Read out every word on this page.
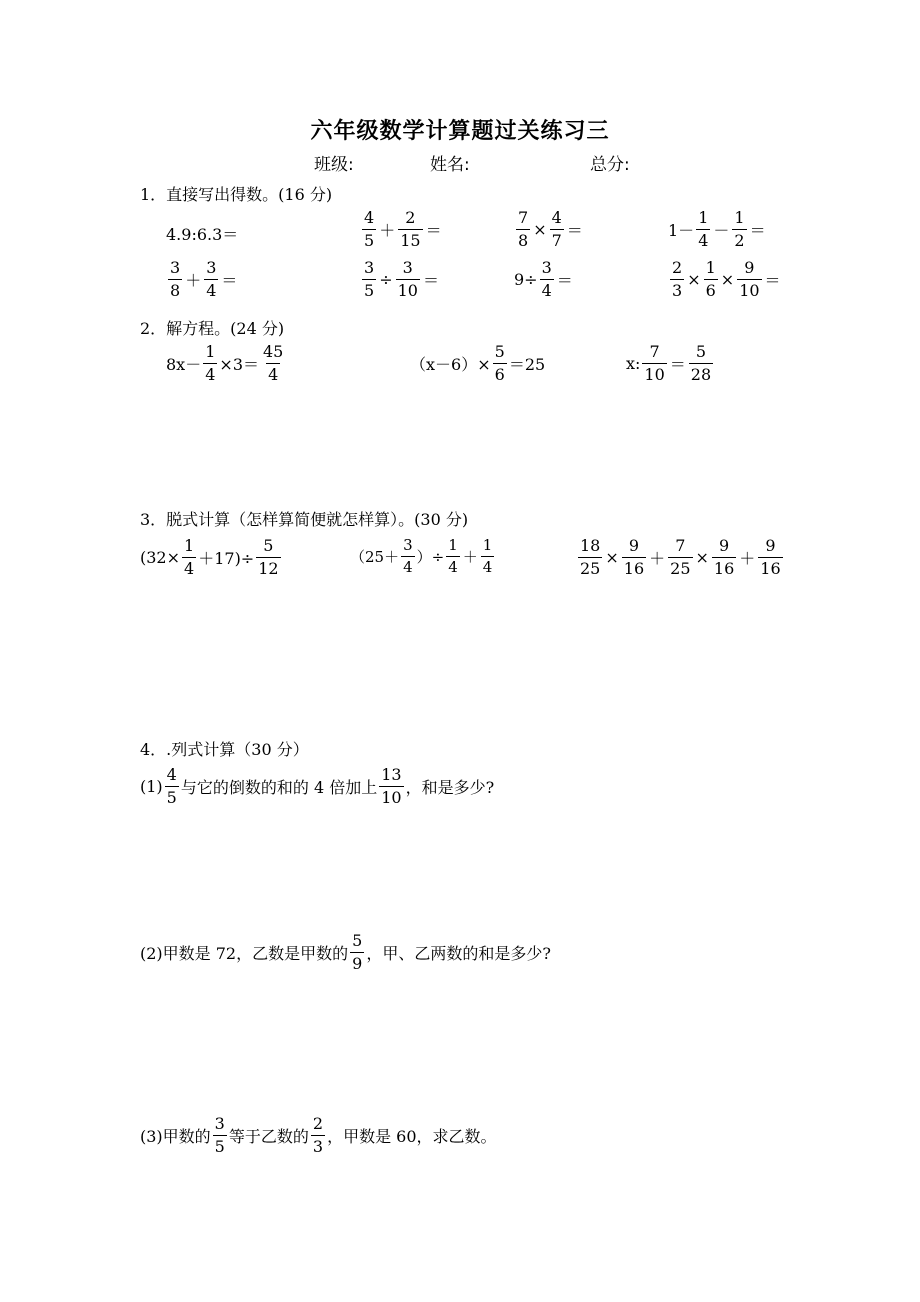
六年级数学计算题过关练习三
班级:	姓名:	总分:
1．直接写出得数。(16 分)
4.9:6.3＝	$\frac{4}{5} + \frac{2}{15}$ ＝	$\frac{7}{8} \times \frac{4}{7}$ ＝	$1- \frac{1}{4} - \frac{1}{2}$ ＝
$\frac{3}{8} + \frac{3}{4}$ ＝	$\frac{3}{5} \div \frac{3}{10}$ ＝	$9\div \frac{3}{4}$ ＝	$\frac{2}{3} \times \frac{1}{6} \times \frac{9}{10}$ ＝
2．解方程。(24 分)
$8x- \frac{1}{4} \times 3= \frac{45}{4}$	$(x-6)\times \frac{5}{6} =25$	x: $\frac{7}{10} = \frac{5}{28}$
3．脱式计算（怎样算简便就怎样算）。(30 分)
$(32\times \frac{1}{4} +17)\div \frac{5}{12}$	（$25+ \frac{3}{4}$ ）÷ $\frac{1}{4} + \frac{1}{4}$	$\frac{18}{25} \times \frac{9}{16} + \frac{7}{25} \times \frac{9}{16} + \frac{9}{16}$
4．.列式计算（30 分）
$(1) \frac{4}{5}$ 与它的倒数的和的 4 倍加上 $\frac{13}{10}$ ，和是多少?
(2)甲数是 72，乙数是甲数的 $\frac{5}{9}$ ，甲、乙两数的和是多少?
(3)甲数的 $\frac{3}{5}$ 等于乙数的 $\frac{2}{3}$ ，甲数是 60，求乙数。
